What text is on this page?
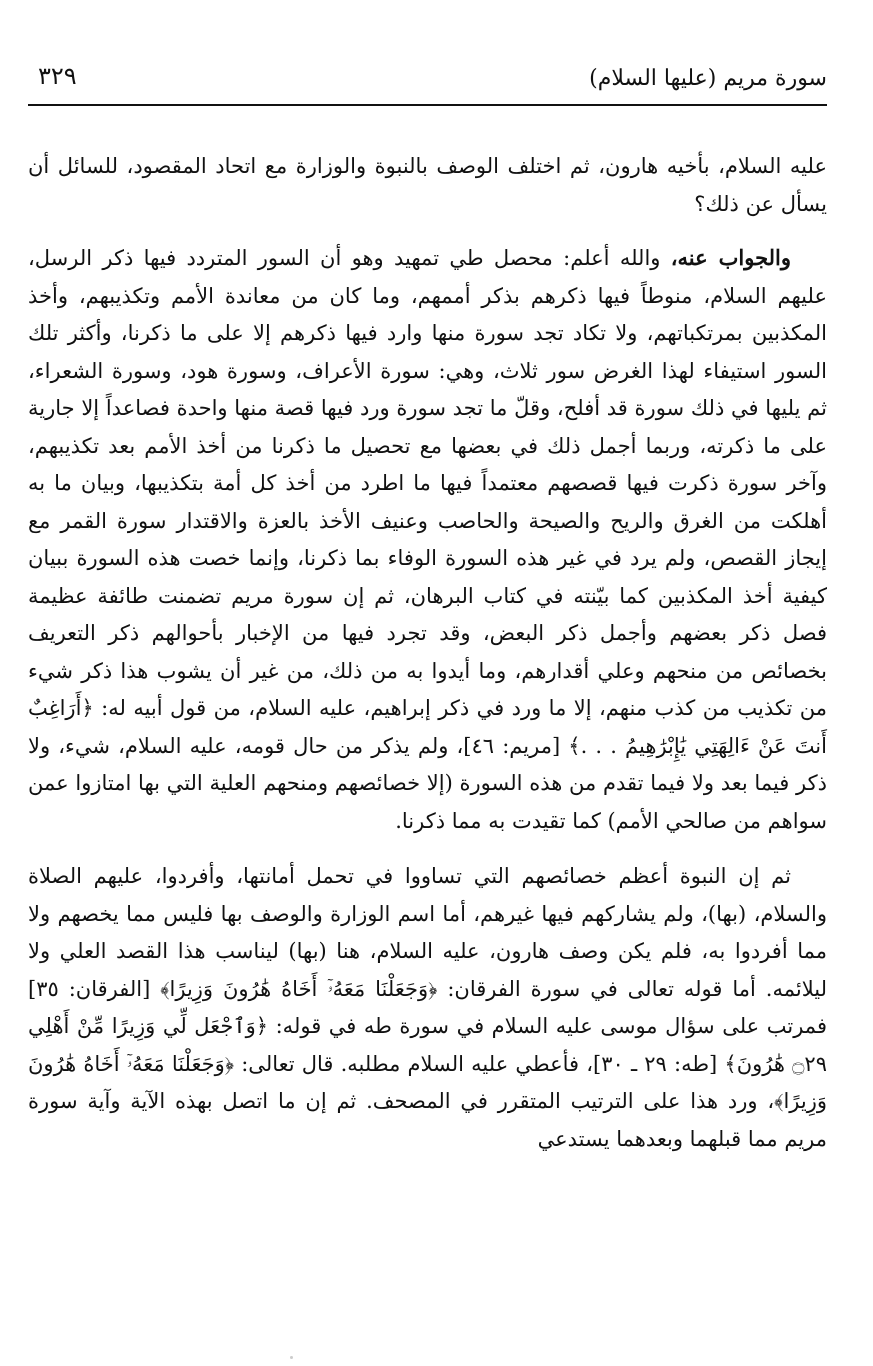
سورة مريم (عليها السلام)
٣٢٩

عليه السلام، بأخيه هارون، ثم اختلف الوصف بالنبوة والوزارة مع اتحاد المقصود، للسائل أن يسأل عن ذلك؟

والجواب عنه، والله أعلم: محصل طي تمهيد وهو أن السور المتردد فيها ذكر الرسل، عليهم السلام، منوطاً فيها ذكرهم بذكر أممهم، وما كان من معاندة الأمم وتكذيبهم، وأخذ المكذبين بمرتكباتهم، ولا تكاد تجد سورة منها وارد فيها ذكرهم إلا على ما ذكرنا، وأكثر تلك السور استيفاء لهذا الغرض سور ثلاث، وهي: سورة الأعراف، وسورة هود، وسورة الشعراء، ثم يليها في ذلك سورة قد أفلح، وقلّ ما تجد سورة ورد فيها قصة منها واحدة فصاعداً إلا جارية على ما ذكرته، وربما أجمل ذلك في بعضها مع تحصيل ما ذكرنا من أخذ الأمم بعد تكذيبهم، وآخر سورة ذكرت فيها قصصهم معتمداً فيها ما اطرد من أخذ كل أمة بتكذيبها، وبيان ما به أهلكت من الغرق والريح والصيحة والحاصب وعنيف الأخذ بالعزة والاقتدار سورة القمر مع إيجاز القصص، ولم يرد في غير هذه السورة الوفاء بما ذكرنا، وإنما خصت هذه السورة ببيان كيفية أخذ المكذبين كما بيّنته في كتاب البرهان، ثم إن سورة مريم تضمنت طائفة عظيمة فصل ذكر بعضهم وأجمل ذكر البعض، وقد تجرد فيها من الإخبار بأحوالهم ذكر التعريف بخصائص من منحهم وعلي أقدارهم، وما أيدوا به من ذلك، من غير أن يشوب هذا ذكر شيء من تكذيب من كذب منهم، إلا ما ورد في ذكر إبراهيم، عليه السلام، من قول أبيه له: ﴿أَرَاغِبٌ أَنتَ عَنْ ءَالِهَتِي يَٰإِبْرَٰهِيمُ . . .﴾ [مريم: ٤٦]، ولم يذكر من حال قومه، عليه السلام، شيء، ولا ذكر فيما بعد ولا فيما تقدم من هذه السورة (إلا خصائصهم ومنحهم العلية التي بها امتازوا عمن سواهم من صالحي الأمم) كما تقيدت به مما ذكرنا.

ثم إن النبوة أعظم خصائصهم التي تساووا في تحمل أمانتها، وأفردوا، عليهم الصلاة والسلام، (بها)، ولم يشاركهم فيها غيرهم، أما اسم الوزارة والوصف بها فليس مما يخصهم ولا مما أفردوا به، فلم يكن وصف هارون، عليه السلام، هنا (بها) ليناسب هذا القصد العلي ولا ليلائمه. أما قوله تعالى في سورة الفرقان: ﴿وَجَعَلْنَا مَعَهُۥٓ أَخَاهُ هَٰرُونَ وَزِيرًا﴾ [الفرقان: ٣٥] فمرتب على سؤال موسى عليه السلام في سورة طه في قوله: ﴿وَٱجْعَل لِّي وَزِيرًا مِّنْ أَهْلِي ۝٢٩ هَٰرُونَ﴾ [طه: ٢٩ ـ ٣٠]، فأعطي عليه السلام مطلبه. قال تعالى: ﴿وَجَعَلْنَا مَعَهُۥٓ أَخَاهُ هَٰرُونَ وَزِيرًا﴾، ورد هذا على الترتيب المتقرر في المصحف. ثم إن ما اتصل بهذه الآية وآية سورة مريم مما قبلهما وبعدهما يستدعي
